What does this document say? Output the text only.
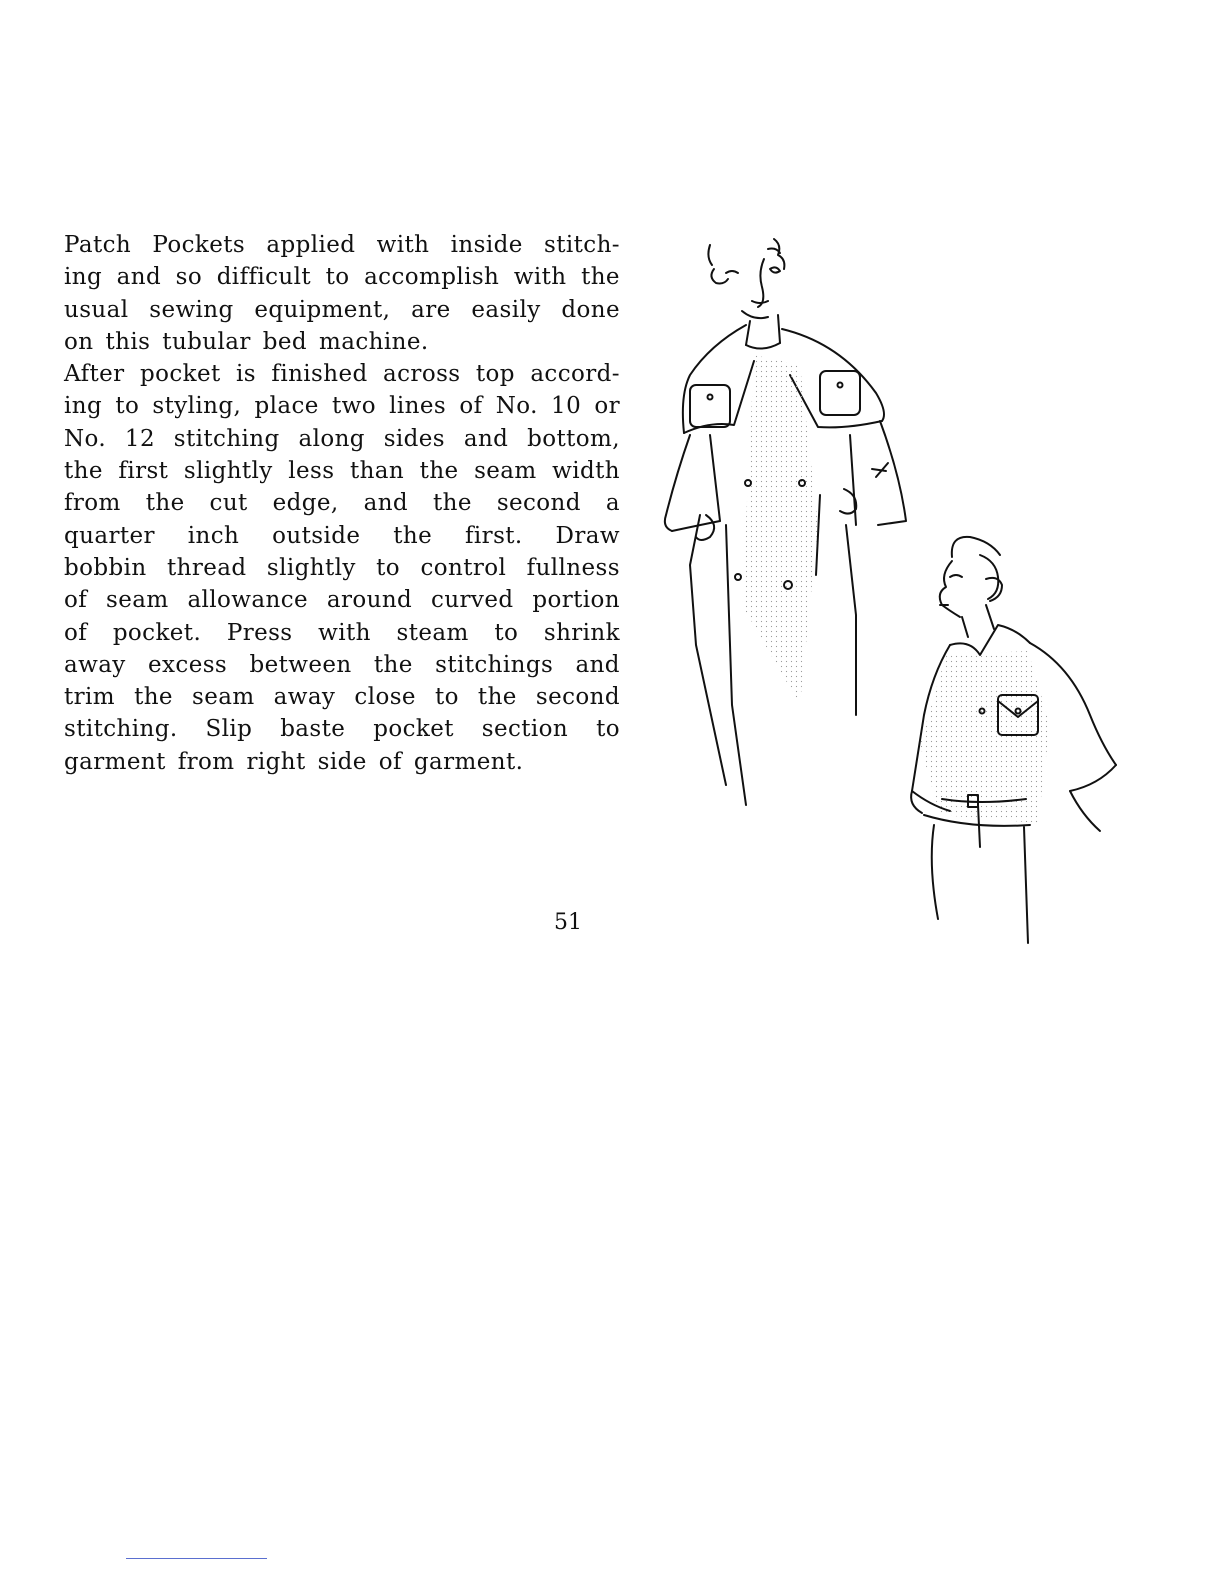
Patch Pockets applied with inside stitch-
ing and so difficult to accomplish with the
usual sewing equipment, are easily done
on this tubular bed machine.
After pocket is finished across top accord-
ing to styling, place two lines of No. 10 or
No. 12 stitching along sides and bottom,
the first slightly less than the seam width
from the cut edge, and the second a
quarter inch outside the first. Draw
bobbin thread slightly to control fullness
of seam allowance around curved portion
of pocket. Press with steam to shrink
away excess between the stitchings and
trim the seam away close to the second
stitching. Slip baste pocket section to
garment from right side of garment.
51
